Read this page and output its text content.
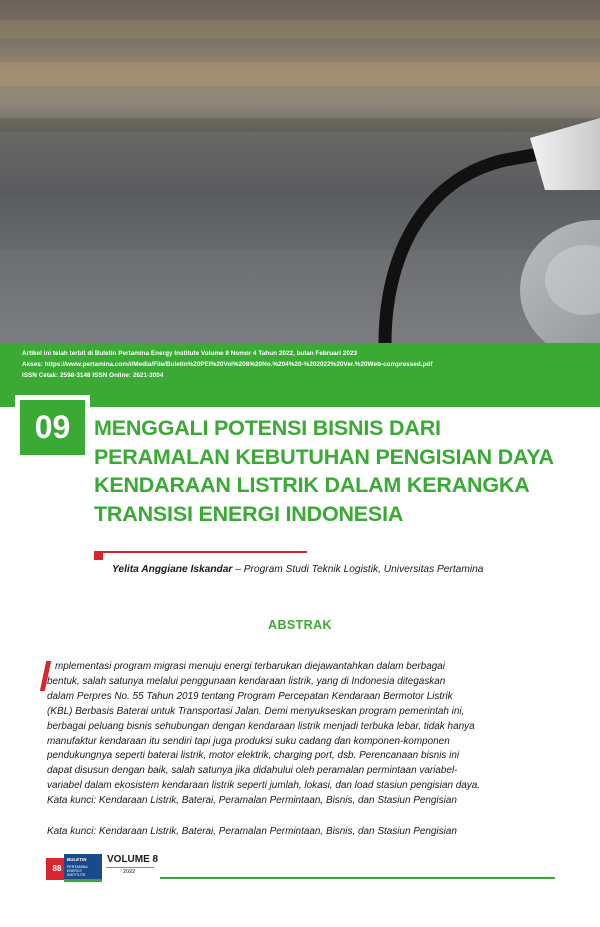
Artikel ini telah terbit di Buletin Pertamina Energy Institute Volume 8 Nomor 4 Tahun 2022, bulan Februari 2023

Akses: https://www.pertamina.com/i/Media/File/Buletin%20PEI%20Vol%208%20No.%204%20-%202022%20Ver.%20Web-compressed.pdf

ISSN Cetak: 2598-3148 ISSN Online: 2621-3004

09	MENGGALI POTENSI BISNIS DARI
PERAMALAN KEBUTUHAN PENGISIAN DAYA
KENDARAAN LISTRIK DALAM KERANGKA
TRANSISI ENERGI INDONESIA

Yelita Anggiane Iskandar – Program Studi Teknik Logistik, Universitas Pertamina

ABSTRAK
mplementasi program migrasi menuju energi terbarukan diejawantahkan dalam berbagai
bentuk, salah satunya melalui penggunaan kendaraan listrik, yang di Indonesia ditegaskan
dalam Perpres No. 55 Tahun 2019 tentang Program Percepatan Kendaraan Bermotor Listrik
(KBL) Berbasis Baterai untuk Transportasi Jalan. Demi menyukseskan program pemerintah ini,
berbagai peluang bisnis sehubungan dengan kendaraan listrik menjadi terbuka lebar, tidak hanya
manufaktur kendaraan itu sendiri tapi juga produksi suku cadang dan komponen-komponen
pendukungnya seperti baterai listrik, motor elektrik, charging port, dsb. Perencanaan bisnis ini
dapat disusun dengan baik, salah satunya jika didahului oleh peramalan permintaan variabel-
variabel dalam ekosistem kendaraan listrik seperti jumlah, lokasi, dan load stasiun pengisian daya.
Kata kunci: Kendaraan Listrik, Baterai, Peramalan Permintaan, Bisnis, dan Stasiun Pengisian

Kata kunci: Kendaraan Listrik, Baterai, Peramalan Permintaan, Bisnis, dan Stasiun Pengisian

88
BULETIN
PERTAMINA ENERGY INSTITUTE
VOLUME 8
2022
